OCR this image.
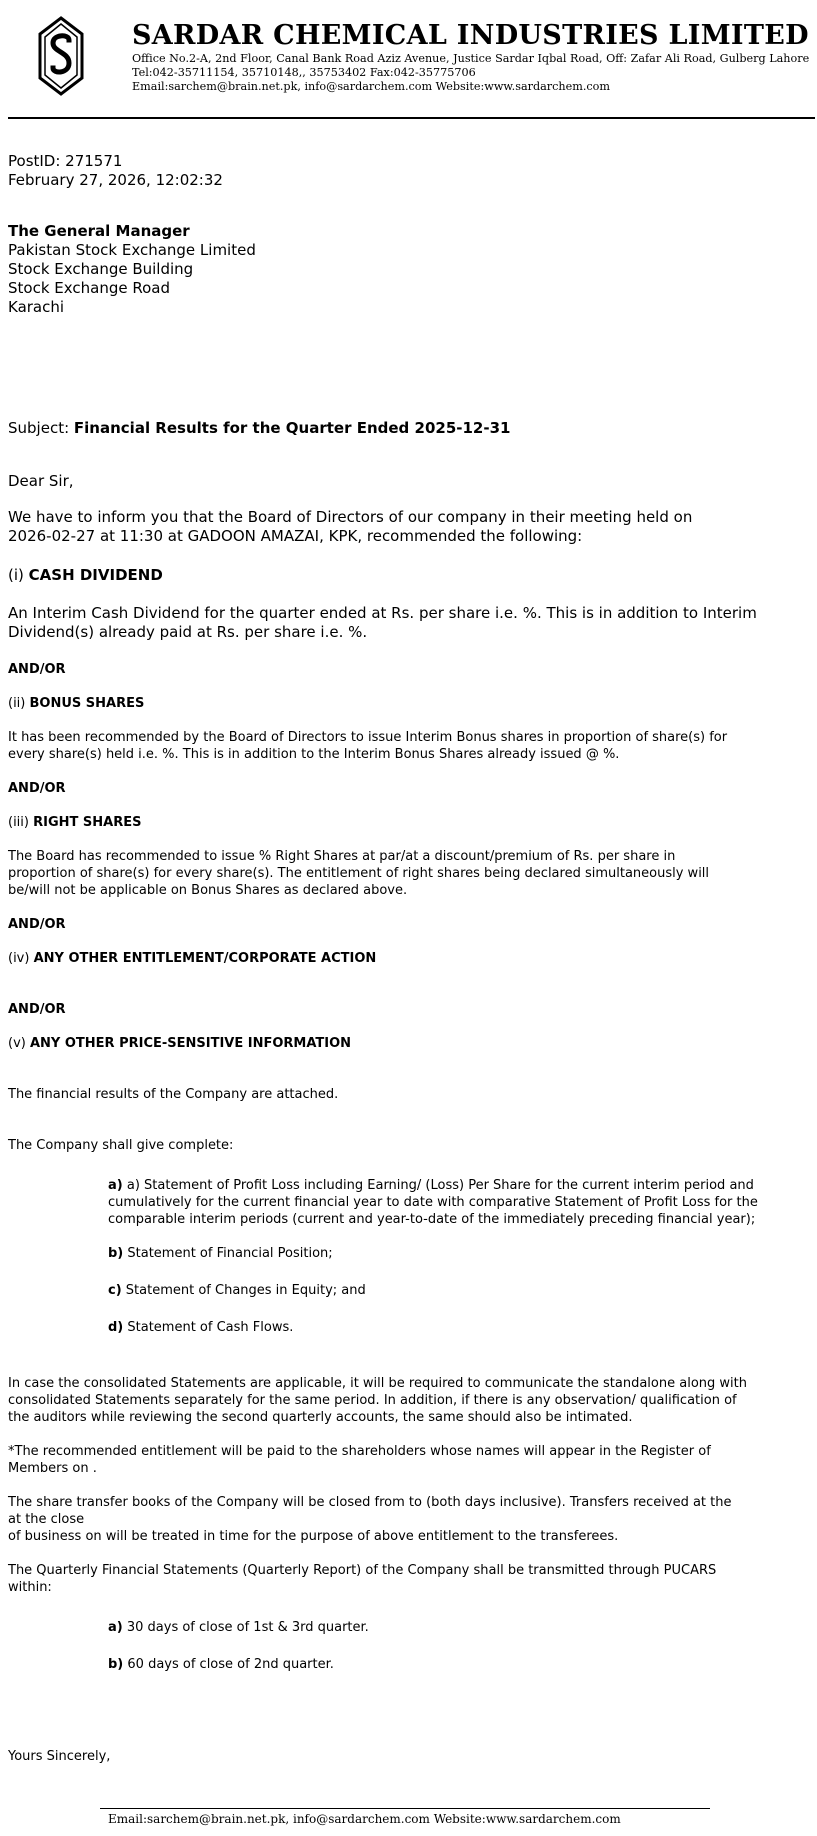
SARDAR CHEMICAL INDUSTRIES LIMITED
Office No.2-A, 2nd Floor, Canal Bank Road Aziz Avenue, Justice Sardar Iqbal Road, Off: Zafar Ali Road, Gulberg Lahore
Tel:042-35711154, 35710148,, 35753402 Fax:042-35775706
Email:sarchem@brain.net.pk, info@sardarchem.com Website:www.sardarchem.com
PostID: 271571
February 27, 2026, 12:02:32
The General Manager
Pakistan Stock Exchange Limited
Stock Exchange Building
Stock Exchange Road
Karachi
Subject: Financial Results for the Quarter Ended 2025-12-31
Dear Sir,
We have to inform you that the Board of Directors of our company in their meeting held on
2026-02-27 at 11:30 at GADOON AMAZAI, KPK, recommended the following:
(i) CASH DIVIDEND
An Interim Cash Dividend for the quarter ended at Rs. per share i.e. %. This is in addition to Interim
Dividend(s) already paid at Rs. per share i.e. %.
AND/OR
(ii) BONUS SHARES
It has been recommended by the Board of Directors to issue Interim Bonus shares in proportion of share(s) for
every share(s) held i.e. %. This is in addition to the Interim Bonus Shares already issued @ %.
AND/OR
(iii) RIGHT SHARES
The Board has recommended to issue % Right Shares at par/at a discount/premium of Rs. per share in
proportion of share(s) for every share(s). The entitlement of right shares being declared simultaneously will
be/will not be applicable on Bonus Shares as declared above.
AND/OR
(iv) ANY OTHER ENTITLEMENT/CORPORATE ACTION
AND/OR
(v) ANY OTHER PRICE-SENSITIVE INFORMATION
The financial results of the Company are attached.
The Company shall give complete:
a) a) Statement of Profit Loss including Earning/ (Loss) Per Share for the current interim period and
cumulatively for the current financial year to date with comparative Statement of Profit Loss for the
comparable interim periods (current and year-to-date of the immediately preceding financial year);
b) Statement of Financial Position;
c) Statement of Changes in Equity; and
d) Statement of Cash Flows.
In case the consolidated Statements are applicable, it will be required to communicate the standalone along with
consolidated Statements separately for the same period. In addition, if there is any observation/ qualification of
the auditors while reviewing the second quarterly accounts, the same should also be intimated.
*The recommended entitlement will be paid to the shareholders whose names will appear in the Register of
Members on .
The share transfer books of the Company will be closed from to (both days inclusive). Transfers received at the
at the close
of business on will be treated in time for the purpose of above entitlement to the transferees.
The Quarterly Financial Statements (Quarterly Report) of the Company shall be transmitted through PUCARS
within:
a) 30 days of close of 1st & 3rd quarter.
b) 60 days of close of 2nd quarter.
Yours Sincerely,
Email:sarchem@brain.net.pk, info@sardarchem.com Website:www.sardarchem.com
